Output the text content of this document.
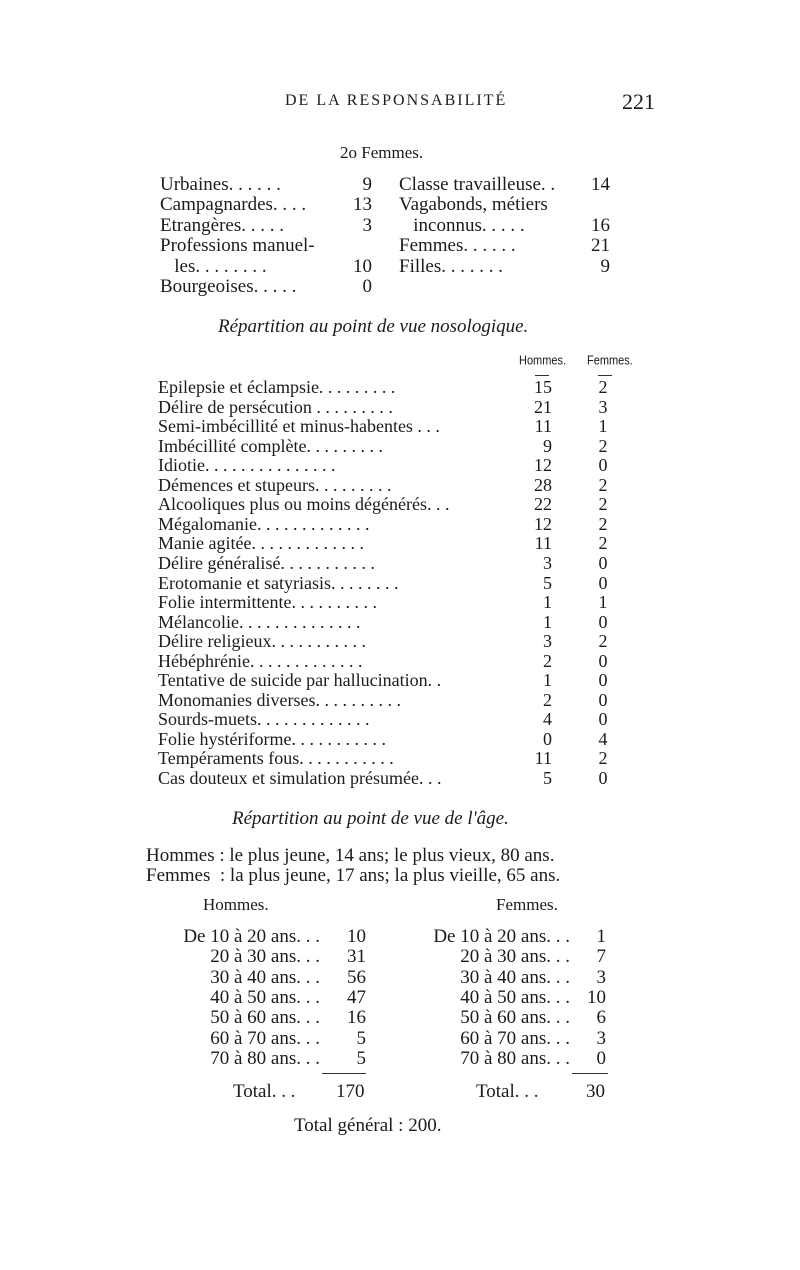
DE LA RESPONSABILITÉ	221
2o Femmes.
Urbaines. . . . . .	9
Campagnardes. . . .	13
Etrangères. . . . .	3
Professions manuel-
les. . . . . . . .	10
Bourgeoises. . . . .	0
Classe travailleuse. .	14
Vagabonds, métiers
inconnus. . . . .	16
Femmes. . . . . .	21
Filles. . . . . . .	9
Répartition au point de vue nosologique.
Hommes. Femmes.
Epilepsie et éclampsie. . . . . . . . .	15	2
Délire de persécution . . . . . . . . .	21	3
Semi-imbécillité et minus-habentes . . .	11	1
Imbécillité complète. . . . . . . . .	9	2
Idiotie. . . . . . . . . . . . . . .	12	0
Démences et stupeurs. . . . . . . . .	28	2
Alcooliques plus ou moins dégénérés. . .	22	2
Mégalomanie. . . . . . . . . . . . .	12	2
Manie agitée. . . . . . . . . . . . .	11	2
Délire généralisé. . . . . . . . . . .	3	0
Erotomanie et satyriasis. . . . . . . .	5	0
Folie intermittente. . . . . . . . . .	1	1
Mélancolie. . . . . . . . . . . . . .	1	0
Délire religieux. . . . . . . . . . .	3	2
Hébéphrénie. . . . . . . . . . . . .	2	0
Tentative de suicide par hallucination. .	1	0
Monomanies diverses. . . . . . . . . .	2	0
Sourds-muets. . . . . . . . . . . . .	4	0
Folie hystériforme. . . . . . . . . . .	0	4
Tempéraments fous. . . . . . . . . . .	11	2
Cas douteux et simulation présumée. . .	5	0
Répartition au point de vue de l'âge.
Hommes : le plus jeune, 14 ans; le plus vieux, 80 ans.
Femmes  : la plus jeune, 17 ans; la plus vieille, 65 ans.
Hommes.	Femmes.
De 10 à 20 ans. . .	10
20 à 30 ans. . .	31
30 à 40 ans. . .	56
40 à 50 ans. . .	47
50 à 60 ans. . .	16
60 à 70 ans. . .	5
70 à 80 ans. . .	5
De 10 à 20 ans. . .	1
20 à 30 ans. . .	7
30 à 40 ans. . .	3
40 à 50 ans. . . 10
50 à 60 ans. . .	6
60 à 70 ans. . .	3
70 à 80 ans. . .	0
Total. . . 170	Total. . . 30
Total général : 200.
